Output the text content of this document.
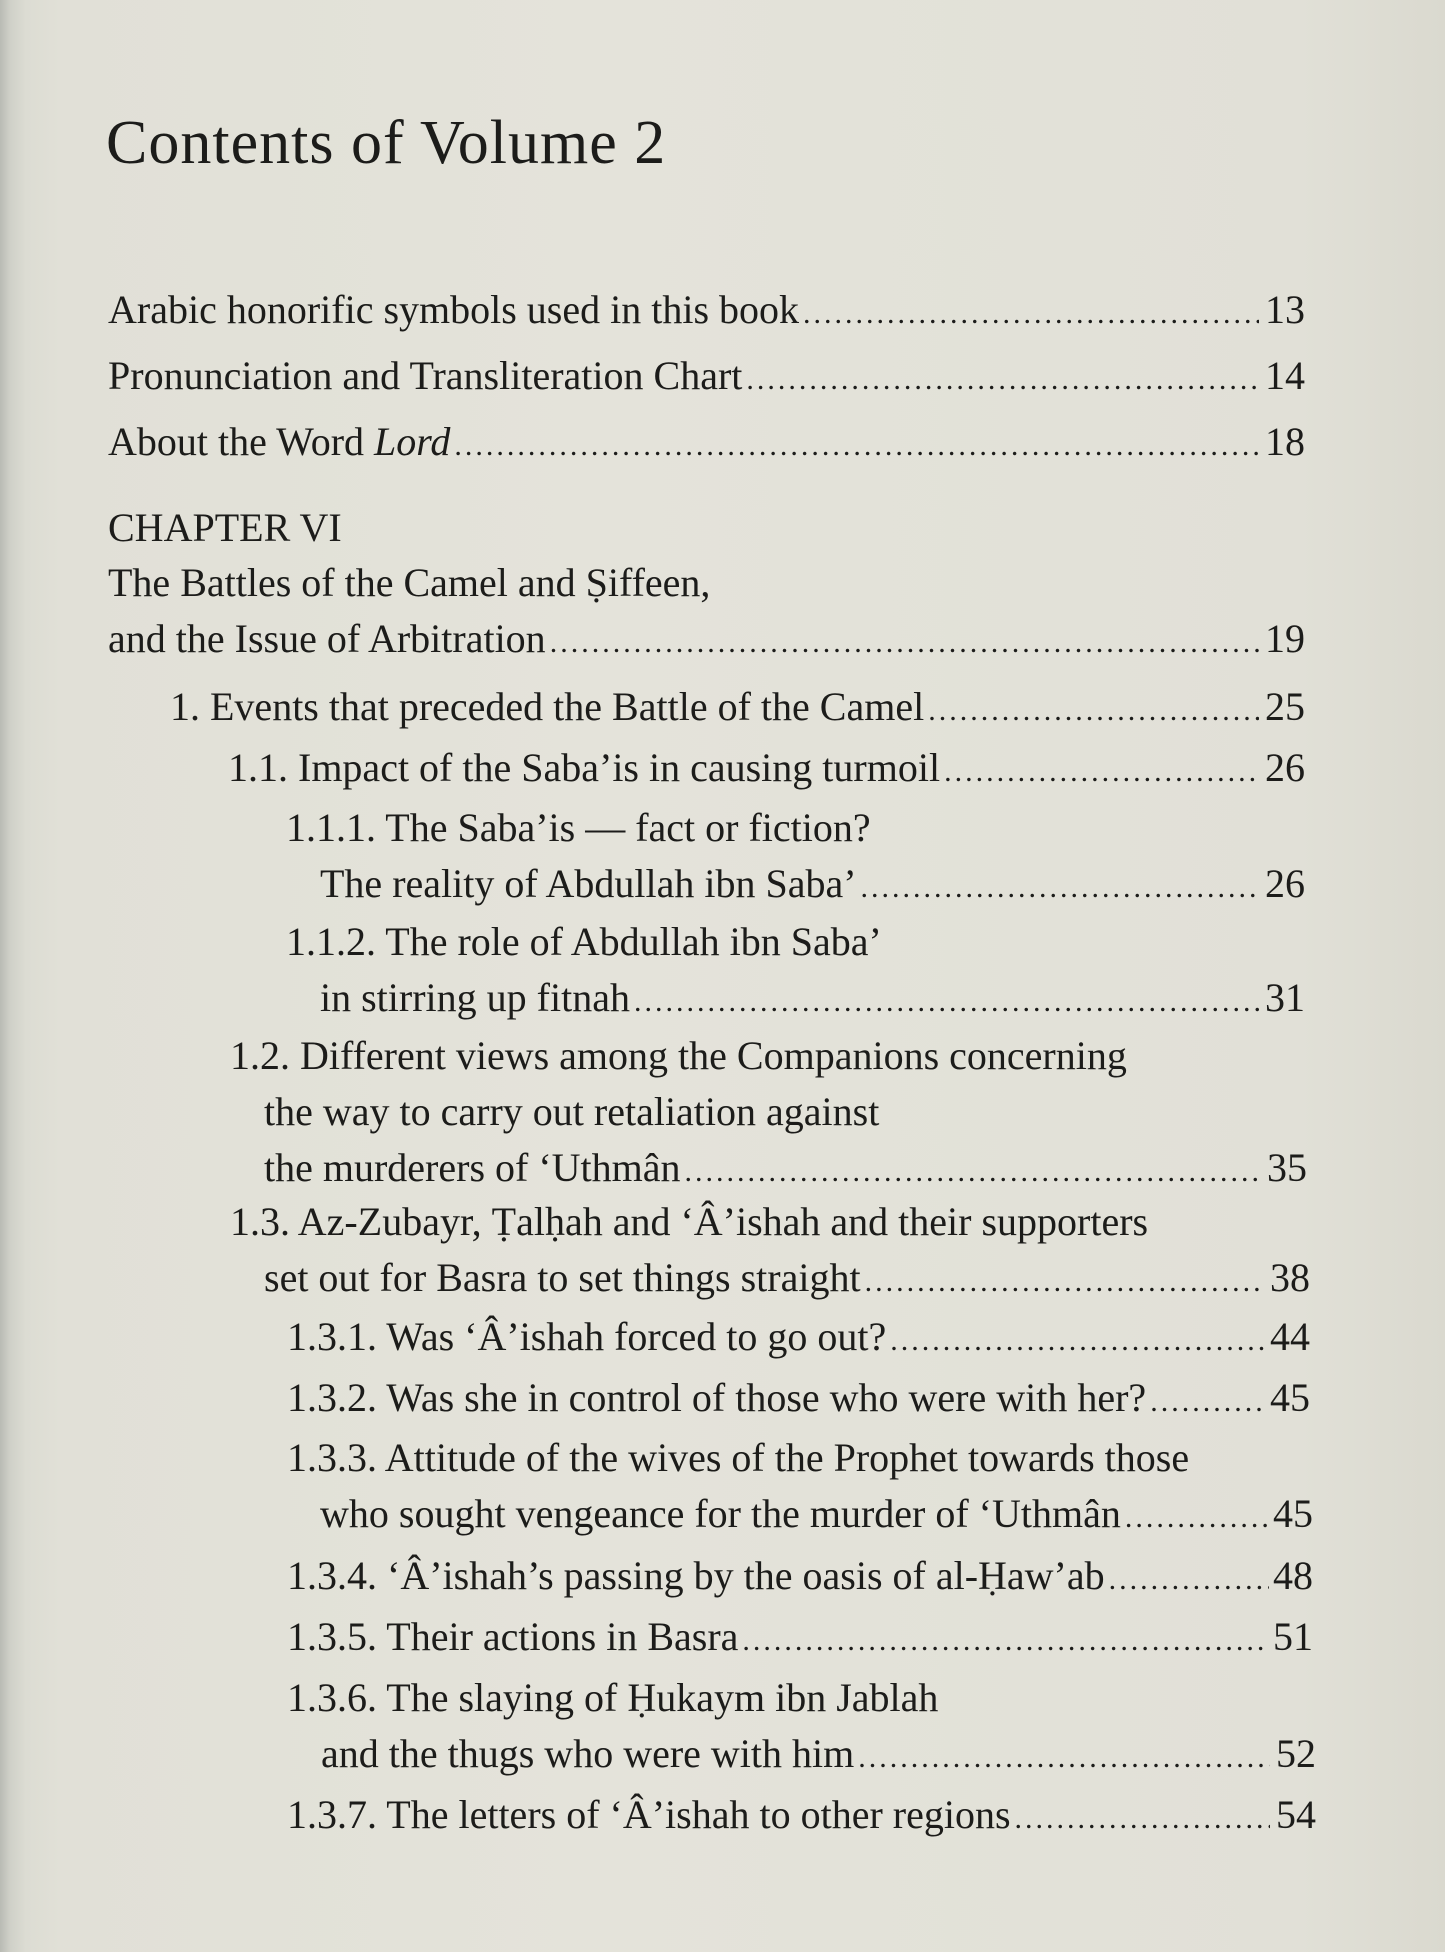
Contents of Volume 2
Arabic honorific symbols used in this book .....	13
Pronunciation and Transliteration Chart .....	14
About the Word Lord .....	18
CHAPTER VI
The Battles of the Camel and Ṣiffeen,
and the Issue of Arbitration .....	19
1. Events that preceded the Battle of the Camel .....	25
1.1. Impact of the Saba’is in causing turmoil .....	26
1.1.1. The Saba’is — fact or fiction?
The reality of Abdullah ibn Saba’ .....	26
1.1.2. The role of Abdullah ibn Saba’
in stirring up fitnah .....	31
1.2. Different views among the Companions concerning
the way to carry out retaliation against
the murderers of ‘Uthmân .....	35
1.3. Az-Zubayr, Ṭalḥah and ‘Â’ishah and their supporters
set out for Basra to set things straight .....	38
1.3.1. Was ‘Â’ishah forced to go out? .....	44
1.3.2. Was she in control of those who were with her? .....	45
1.3.3. Attitude of the wives of the Prophet towards those
who sought vengeance for the murder of ‘Uthmân .....	45
1.3.4. ‘Â’ishah’s passing by the oasis of al-Ḥaw’ab .....	48
1.3.5. Their actions in Basra .....	51
1.3.6. The slaying of Ḥukaym ibn Jablah
and the thugs who were with him .....	52
1.3.7. The letters of ‘Â’ishah to other regions .....	54
